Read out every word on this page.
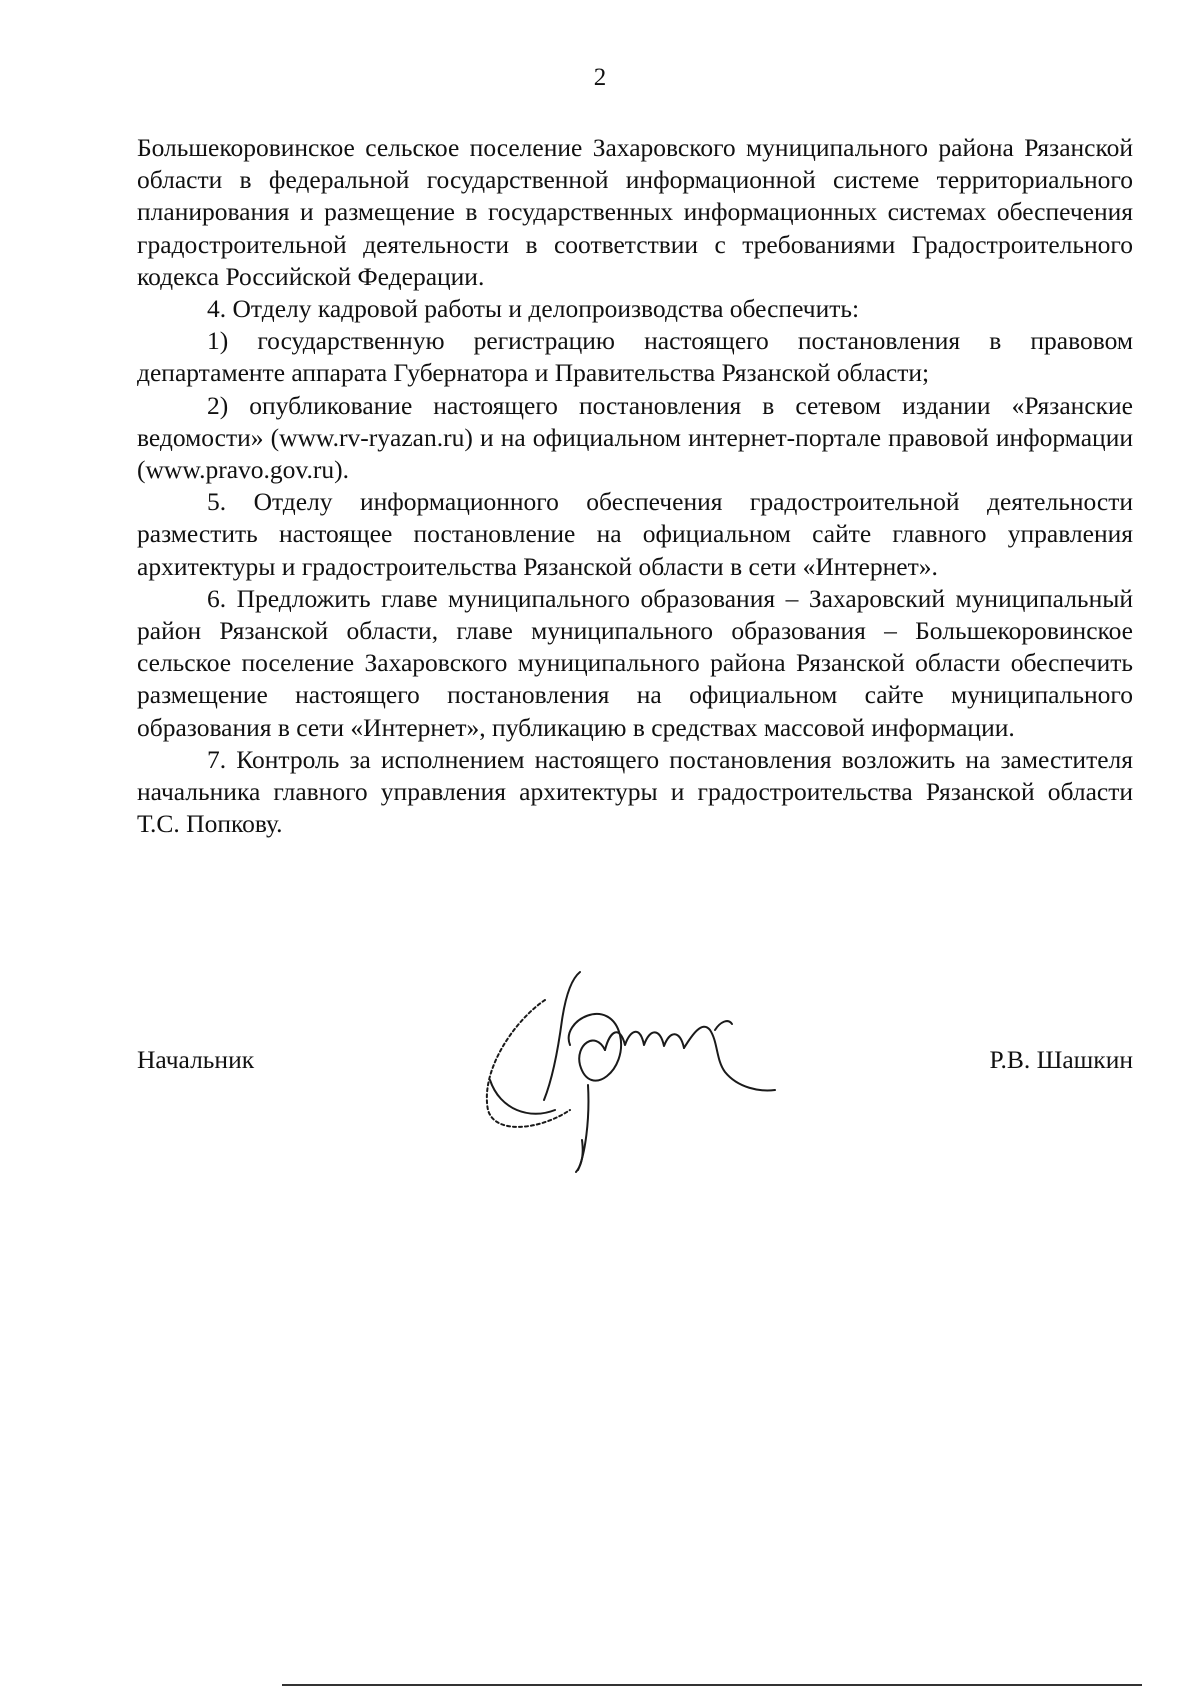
2

Большекоровинское сельское поселение Захаровского муниципального района Рязанской области в федеральной государственной информационной системе территориального планирования и размещение в государственных информационных системах обеспечения градостроительной деятельности в соответствии с требованиями Градостроительного кодекса Российской Федерации.

4. Отделу кадровой работы и делопроизводства обеспечить:

1) государственную регистрацию настоящего постановления в правовом департаменте аппарата Губернатора и Правительства Рязанской области;

2) опубликование настоящего постановления в сетевом издании «Рязанские ведомости» (www.rv-ryazan.ru) и на официальном интернет-портале правовой информации (www.pravo.gov.ru).

5. Отделу информационного обеспечения градостроительной деятельности разместить настоящее постановление на официальном сайте главного управления архитектуры и градостроительства Рязанской области в сети «Интернет».

6. Предложить главе муниципального образования – Захаровский муниципальный район Рязанской области, главе муниципального образования – Большекоровинское сельское поселение Захаровского муниципального района Рязанской области обеспечить размещение настоящего постановления на официальном сайте муниципального образования в сети «Интернет», публикацию в средствах массовой информации.

7. Контроль за исполнением настоящего постановления возложить на заместителя начальника главного управления архитектуры и градостроительства Рязанской области Т.С. Попкову.

Начальник	Р.В. Шашкин
